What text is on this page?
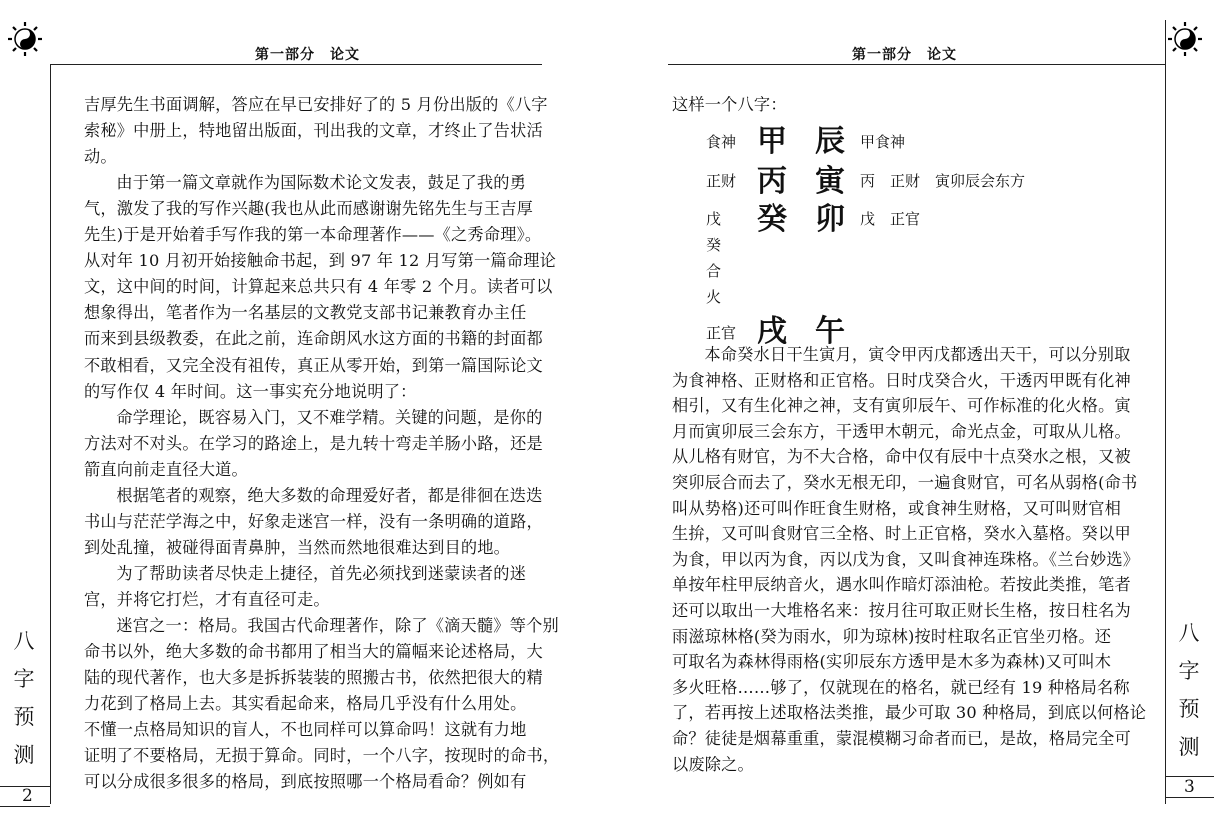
第一部分　论文
吉厚先生书面调解，答应在早已安排好了的 5 月份出版的《八字
索秘》中册上，特地留出版面，刊出我的文章，才终止了告状活
动。
由于第一篇文章就作为国际数术论文发表，鼓足了我的勇
气，激发了我的写作兴趣(我也从此而感谢谢先铭先生与王吉厚
先生)于是开始着手写作我的第一本命理著作——《之秀命理》。
从对年 10 月初开始接触命书起，到 97 年 12 月写第一篇命理论
文，这中间的时间，计算起来总共只有 4 年零 2 个月。读者可以
想象得出，笔者作为一名基层的文教党支部书记兼教育办主任
而来到县级教委，在此之前，连命朗风水这方面的书籍的封面都
不敢相看，又完全没有祖传，真正从零开始，到第一篇国际论文
的写作仅 4 年时间。这一事实充分地说明了：
命学理论，既容易入门，又不难学精。关键的问题，是你的
方法对不对头。在学习的路途上，是九转十弯走羊肠小路，还是
箭直向前走直径大道。
根据笔者的观察，绝大多数的命理爱好者，都是徘徊在迭迭
书山与茫茫学海之中，好象走迷宫一样，没有一条明确的道路，
到处乱撞，被碰得面青鼻肿，当然而然地很难达到目的地。
为了帮助读者尽快走上捷径，首先必须找到迷蒙读者的迷
宫，并将它打烂，才有直径可走。
迷宫之一：格局。我国古代命理著作，除了《滴天髓》等个别
命书以外，绝大多数的命书都用了相当大的篇幅来论述格局，大
陆的现代著作，也大多是拆拆装装的照搬古书，依然把很大的精
力花到了格局上去。其实看起命来，格局几乎没有什么用处。
不懂一点格局知识的盲人，不也同样可以算命吗！这就有力地
证明了不要格局，无损于算命。同时，一个八字，按现时的命书，
可以分成很多很多的格局，到底按照哪一个格局看命？例如有
八
字
预
测
2
第一部分　论文
这样一个八字：
食神 甲 辰 甲食神
正财 丙 寅 丙　正财　寅卯辰会东方
戊 癸 卯 戊　正官
癸
合
火
正官 戌 午
本命癸水日干生寅月，寅令甲丙戊都透出天干，可以分别取
为食神格、正财格和正官格。日时戊癸合火，干透丙甲既有化神
相引，又有生化神之神，支有寅卯辰午、可作标准的化火格。寅
月而寅卯辰三会东方，干透甲木朝元，命光点金，可取从儿格。
从儿格有财官，为不大合格，命中仅有辰中十点癸水之根，又被
突卯辰合而去了，癸水无根无印，一遍食财官，可名从弱格(命书
叫从势格)还可叫作旺食生财格，或食神生财格，又可叫财官相
生拚，又可叫食财官三全格、时上正官格，癸水入墓格。癸以甲
为食，甲以丙为食，丙以戊为食，又叫食神连珠格。《兰台妙选》
单按年柱甲辰纳音火，遇水叫作暗灯添油枪。若按此类推，笔者
还可以取出一大堆格名来：按月往可取正财长生格，按日柱名为
雨滋琼林格(癸为雨水，卯为琼林)按时柱取名正官坐刃格。还
可取名为森林得雨格(实卯辰东方透甲是木多为森林)又可叫木
多火旺格……够了，仅就现在的格名，就已经有 19 种格局名称
了，若再按上述取格法类推，最少可取 30 种格局，到底以何格论
命？徒徒是烟幕重重，蒙混模糊习命者而已，是故，格局完全可
以废除之。
八
字
预
测
3
